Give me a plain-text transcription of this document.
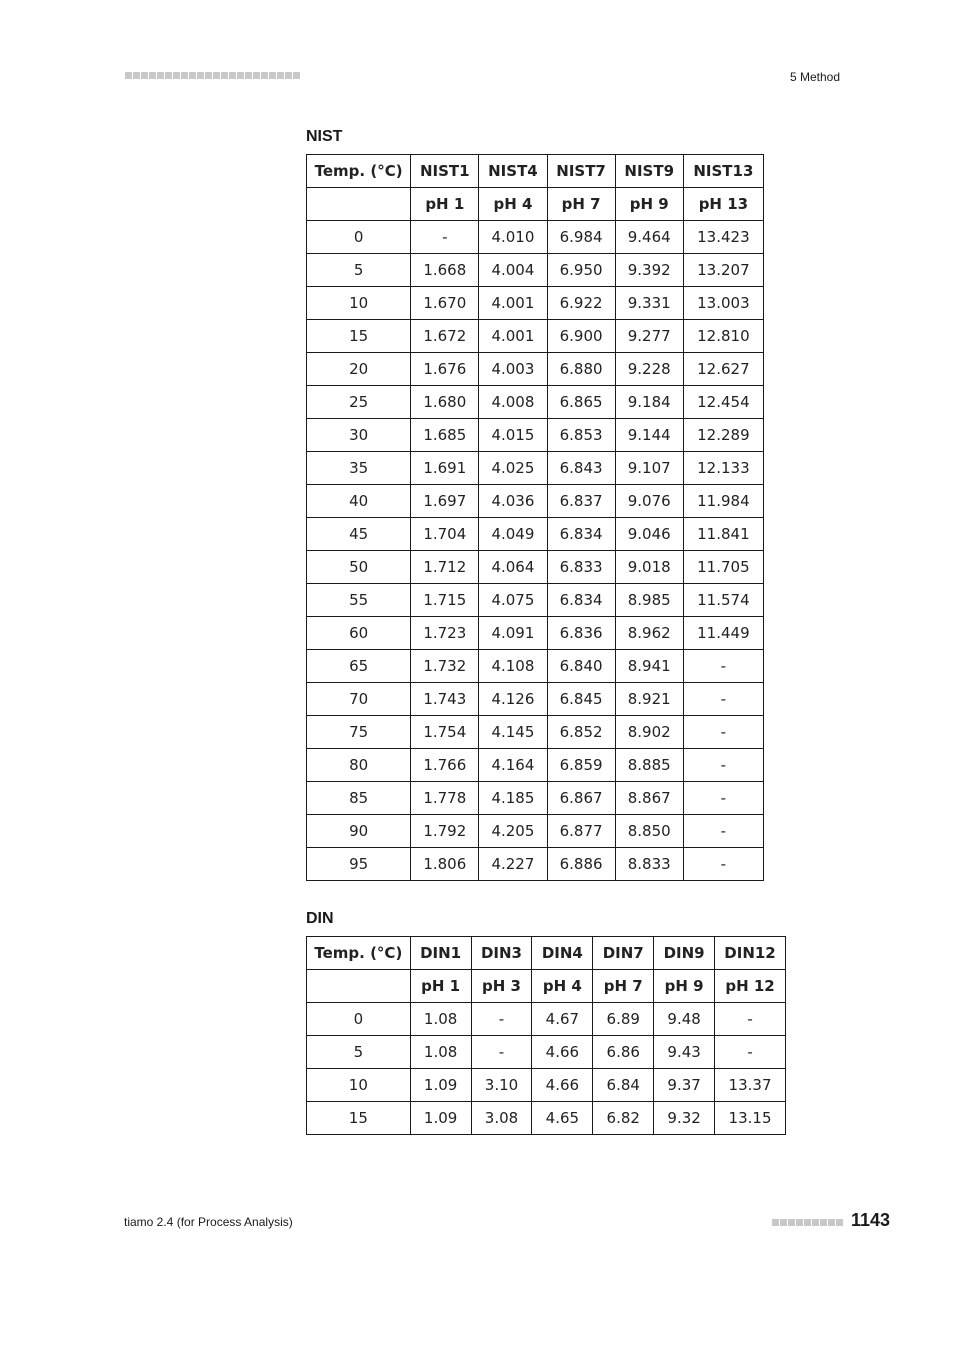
5 Method
NIST
Temp. (°C)	NIST1	NIST4	NIST7	NIST9	NIST13
	pH 1	pH 4	pH 7	pH 9	pH 13
0	-	4.010	6.984	9.464	13.423
5	1.668	4.004	6.950	9.392	13.207
10	1.670	4.001	6.922	9.331	13.003
15	1.672	4.001	6.900	9.277	12.810
20	1.676	4.003	6.880	9.228	12.627
25	1.680	4.008	6.865	9.184	12.454
30	1.685	4.015	6.853	9.144	12.289
35	1.691	4.025	6.843	9.107	12.133
40	1.697	4.036	6.837	9.076	11.984
45	1.704	4.049	6.834	9.046	11.841
50	1.712	4.064	6.833	9.018	11.705
55	1.715	4.075	6.834	8.985	11.574
60	1.723	4.091	6.836	8.962	11.449
65	1.732	4.108	6.840	8.941	-
70	1.743	4.126	6.845	8.921	-
75	1.754	4.145	6.852	8.902	-
80	1.766	4.164	6.859	8.885	-
85	1.778	4.185	6.867	8.867	-
90	1.792	4.205	6.877	8.850	-
95	1.806	4.227	6.886	8.833	-
DIN
Temp. (°C)	DIN1	DIN3	DIN4	DIN7	DIN9	DIN12
	pH 1	pH 3	pH 4	pH 7	pH 9	pH 12
0	1.08	-	4.67	6.89	9.48	-
5	1.08	-	4.66	6.86	9.43	-
10	1.09	3.10	4.66	6.84	9.37	13.37
15	1.09	3.08	4.65	6.82	9.32	13.15
tiamo 2.4 (for Process Analysis)	1143
